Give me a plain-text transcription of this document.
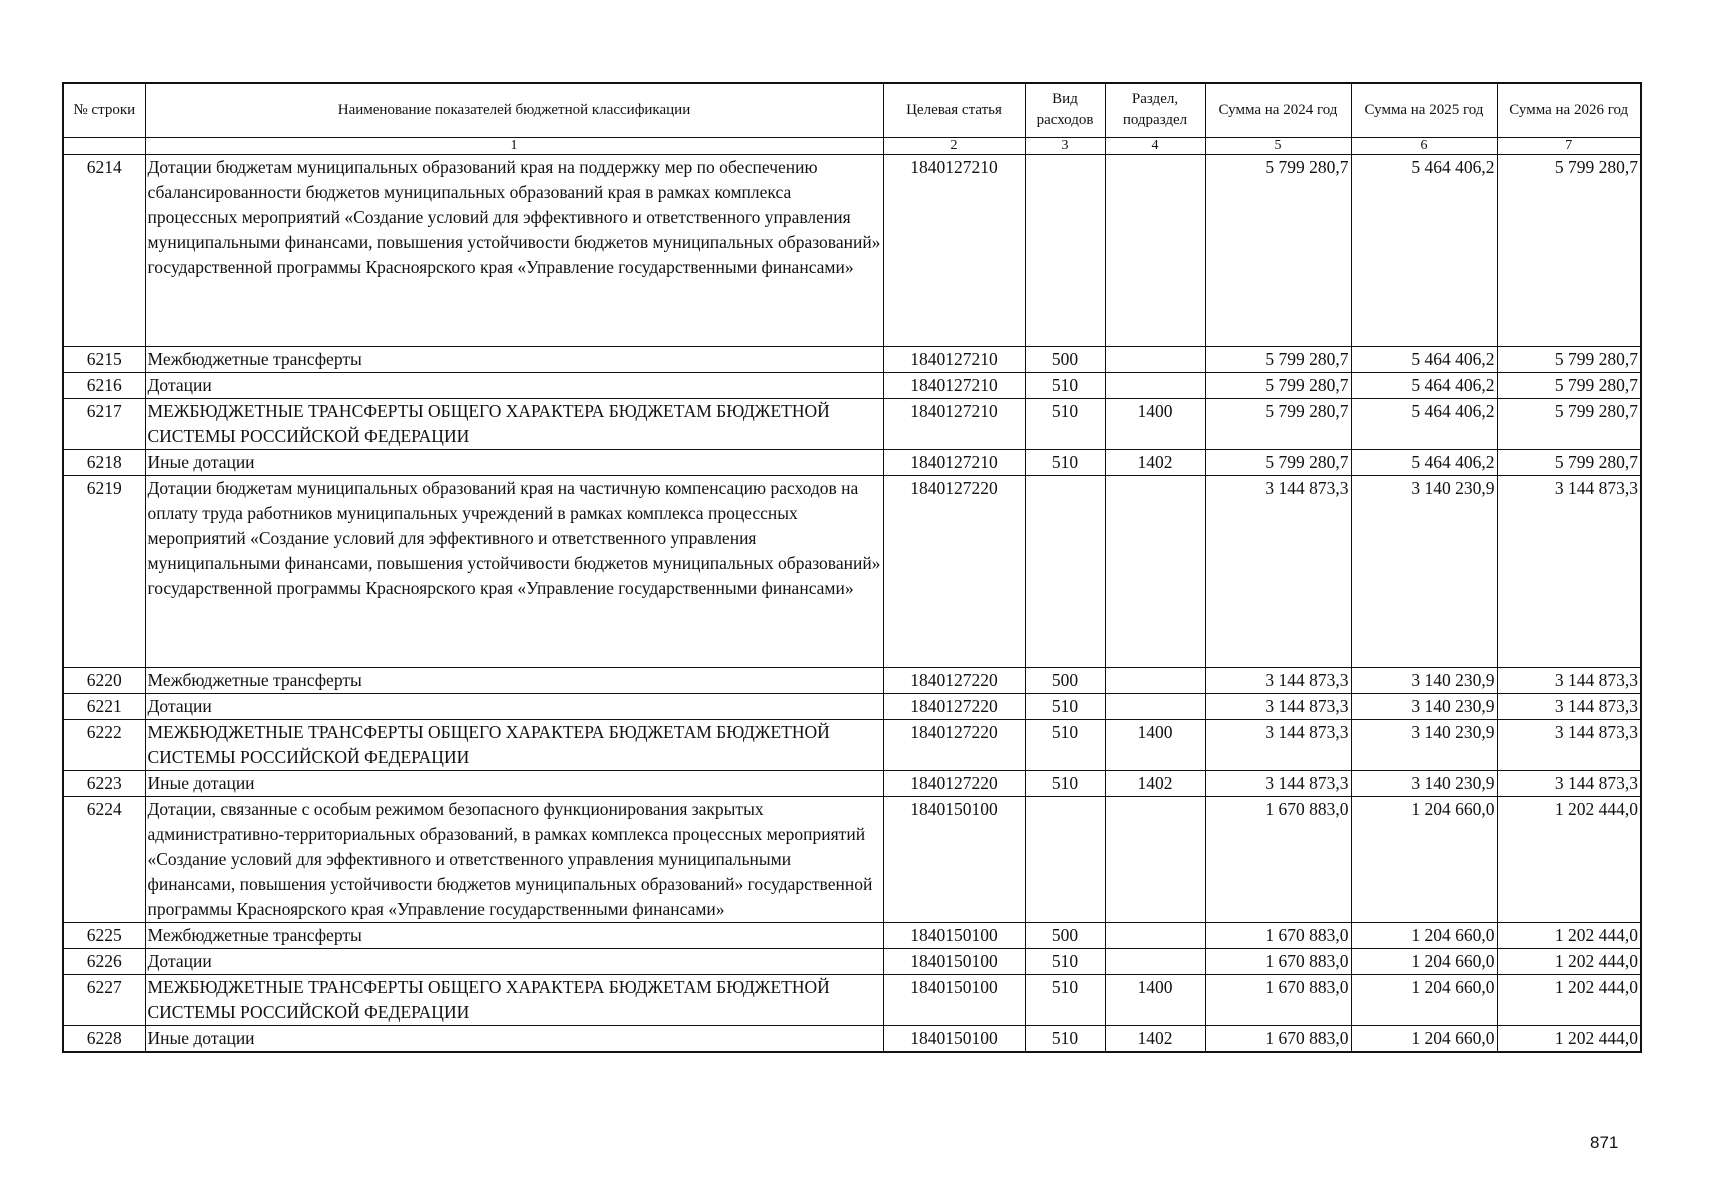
№ строки	Наименование показателей бюджетной классификации	Целевая статья	Вид расходов	Раздел, подраздел	Сумма на 2024 год	Сумма на 2025 год	Сумма на 2026 год
	1	2	3	4	5	6	7
6214	Дотации бюджетам муниципальных образований края на поддержку мер по обеспечению сбалансированности бюджетов муниципальных образований края в рамках комплекса процессных мероприятий «Создание условий для эффективного и ответственного управления муниципальными финансами, повышения устойчивости бюджетов муниципальных образований» государственной программы Красноярского края «Управление государственными финансами»	1840127210			5 799 280,7	5 464 406,2	5 799 280,7
6215	Межбюджетные трансферты	1840127210	500		5 799 280,7	5 464 406,2	5 799 280,7
6216	Дотации	1840127210	510		5 799 280,7	5 464 406,2	5 799 280,7
6217	МЕЖБЮДЖЕТНЫЕ ТРАНСФЕРТЫ ОБЩЕГО ХАРАКТЕРА БЮДЖЕТАМ БЮДЖЕТНОЙ СИСТЕМЫ РОССИЙСКОЙ ФЕДЕРАЦИИ	1840127210	510	1400	5 799 280,7	5 464 406,2	5 799 280,7
6218	Иные дотации	1840127210	510	1402	5 799 280,7	5 464 406,2	5 799 280,7
6219	Дотации бюджетам муниципальных образований края на частичную компенсацию расходов на оплату труда работников муниципальных учреждений в рамках комплекса процессных мероприятий «Создание условий для эффективного и ответственного управления муниципальными финансами, повышения устойчивости бюджетов муниципальных образований» государственной программы Красноярского края «Управление государственными финансами»	1840127220			3 144 873,3	3 140 230,9	3 144 873,3
6220	Межбюджетные трансферты	1840127220	500		3 144 873,3	3 140 230,9	3 144 873,3
6221	Дотации	1840127220	510		3 144 873,3	3 140 230,9	3 144 873,3
6222	МЕЖБЮДЖЕТНЫЕ ТРАНСФЕРТЫ ОБЩЕГО ХАРАКТЕРА БЮДЖЕТАМ БЮДЖЕТНОЙ СИСТЕМЫ РОССИЙСКОЙ ФЕДЕРАЦИИ	1840127220	510	1400	3 144 873,3	3 140 230,9	3 144 873,3
6223	Иные дотации	1840127220	510	1402	3 144 873,3	3 140 230,9	3 144 873,3
6224	Дотации, связанные с особым режимом безопасного функционирования закрытых административно-территориальных образований, в рамках комплекса процессных мероприятий «Создание условий для эффективного и ответственного управления муниципальными финансами, повышения устойчивости бюджетов муниципальных образований» государственной программы Красноярского края «Управление государственными финансами»	1840150100			1 670 883,0	1 204 660,0	1 202 444,0
6225	Межбюджетные трансферты	1840150100	500		1 670 883,0	1 204 660,0	1 202 444,0
6226	Дотации	1840150100	510		1 670 883,0	1 204 660,0	1 202 444,0
6227	МЕЖБЮДЖЕТНЫЕ ТРАНСФЕРТЫ ОБЩЕГО ХАРАКТЕРА БЮДЖЕТАМ БЮДЖЕТНОЙ СИСТЕМЫ РОССИЙСКОЙ ФЕДЕРАЦИИ	1840150100	510	1400	1 670 883,0	1 204 660,0	1 202 444,0
6228	Иные дотации	1840150100	510	1402	1 670 883,0	1 204 660,0	1 202 444,0
871
